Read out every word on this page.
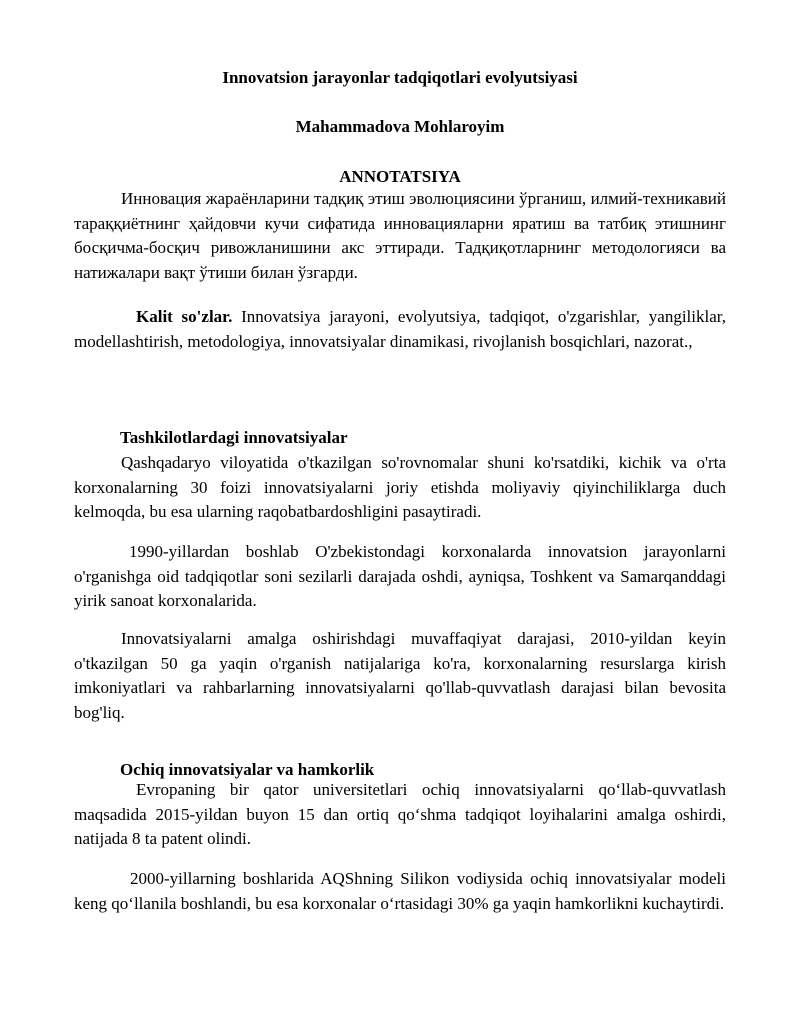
Innovatsion jarayonlar tadqiqotlari evolyutsiyasi
Mahammadova Mohlaroyim
ANNOTATSIYA

Инновация жараёнларини тадқиқ этиш эволюциясини ўрганиш, илмий-техникавий тараққиётнинг ҳайдовчи кучи сифатида инновацияларни яратиш ва татбиқ этишнинг босқичма-босқич ривожланишини акс эттиради. Тадқиқотларнинг методологияси ва натижалари вақт ўтиши билан ўзгарди.

Kalit so'zlar. Innovatsiya jarayoni, evolyutsiya, tadqiqot, o'zgarishlar, yangiliklar, modellashtirish, metodologiya, innovatsiyalar dinamikasi, rivojlanish bosqichlari, nazorat.,

Tashkilotlardagi innovatsiyalar

Qashqadaryo viloyatida o'tkazilgan so'rovnomalar shuni ko'rsatdiki, kichik va o'rta korxonalarning 30 foizi innovatsiyalarni joriy etishda moliyaviy qiyinchiliklarga duch kelmoqda, bu esa ularning raqobatbardoshligini pasaytiradi.

1990-yillardan boshlab O'zbekistondagi korxonalarda innovatsion jarayonlarni o'rganishga oid tadqiqotlar soni sezilarli darajada oshdi, ayniqsa, Toshkent va Samarqanddagi yirik sanoat korxonalarida.

Innovatsiyalarni amalga oshirishdagi muvaffaqiyat darajasi, 2010-yildan keyin o'tkazilgan 50 ga yaqin o'rganish natijalariga ko'ra, korxonalarning resurslarga kirish imkoniyatlari va rahbarlarning innovatsiyalarni qo'llab-quvvatlash darajasi bilan bevosita bog'liq.

Ochiq innovatsiyalar va hamkorlik

Evropaning bir qator universitetlari ochiq innovatsiyalarni qo‘llab-quvvatlash maqsadida 2015-yildan buyon 15 dan ortiq qo‘shma tadqiqot loyihalarini amalga oshirdi, natijada 8 ta patent olindi.

2000-yillarning boshlarida AQShning Silikon vodiysida ochiq innovatsiyalar modeli keng qo‘llanila boshlandi, bu esa korxonalar o‘rtasidagi 30% ga yaqin hamkorlikni kuchaytirdi.
